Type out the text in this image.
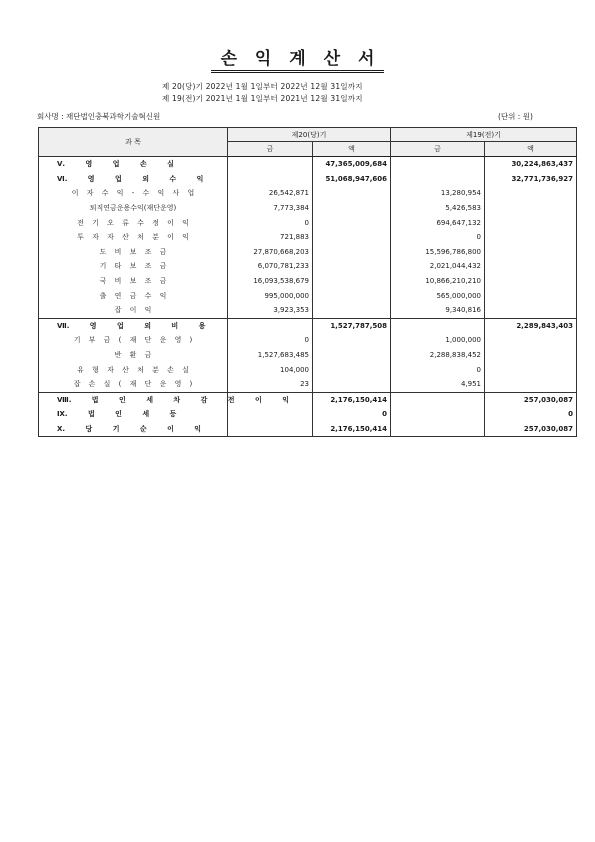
손 익 계 산 서
제 20(당)기 2022년 1월 1일부터 2022년 12월 31일까지
제 19(전)기 2021년 1월 1일부터 2021년 12월 31일까지
회사명 : 재단법인충북과학기술혁신원	(단위 : 원)
과 목	제20(당)기		제19(전)기	
	금	액	금	액
Ⅴ. 영 업 손 실		47,365,009,684		30,224,863,437
Ⅵ. 영 업 외 수 익		51,068,947,606		32,771,736,927
이 자 수 익 - 수 익 사 업	26,542,871		13,280,954	
퇴직연금운용수익(재단운영)	7,773,384		5,426,583	
전 기 오 류 수 정 이 익	0		694,647,132	
투 자 자 산 처 분 이 익	721,883		0	
도 비 보 조 금	27,870,668,203		15,596,786,800	
기 타 보 조 금	6,070,781,233		2,021,044,432	
국 비 보 조 금	16,093,538,679		10,866,210,210	
출 연 금 수 익	995,000,000		565,000,000	
잡 이 익	3,923,353		9,340,816	
Ⅶ. 영 업 외 비 용		1,527,787,508		2,289,843,403
기 부 금 ( 재 단 운 영 )	0		1,000,000	
반 환 금	1,527,683,485		2,288,838,452	
유 형 자 산 처 분 손 실	104,000		0	
잡 손 실 ( 재 단 운 영 )	23		4,951	
Ⅷ. 법 인 세 차 감 전 이 익		2,176,150,414		257,030,087
Ⅸ. 법 인 세 등		0		0
Ⅹ. 당 기 순 이 익		2,176,150,414		257,030,087
